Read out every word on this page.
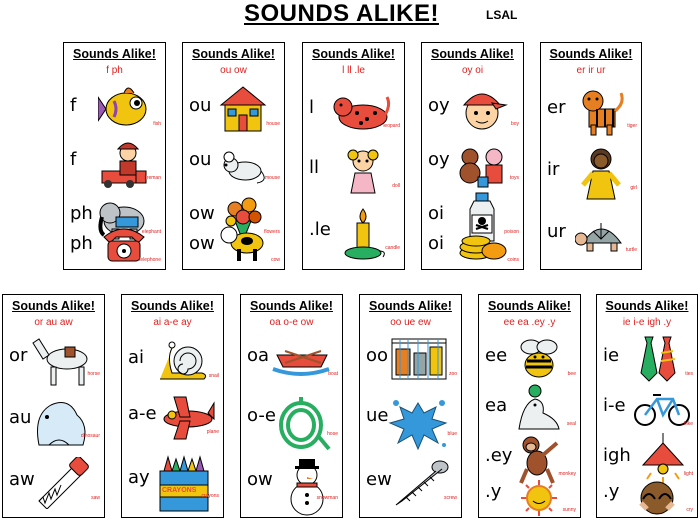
SOUNDS ALIKE!	LSAL
Sounds Alike!
f ph
f
fish
f
fireman
ph
elephant
ph
telephone
Sounds Alike!
ou ow
ou
house
ou
mouse
ow
flowers
ow
cow
Sounds Alike!
l ll .le
l
leopard
ll
doll
.le
candle
Sounds Alike!
oy oi
oy
boy
oy
toys
oi
poison
oi
coins
Sounds Alike!
er ir ur
er
tiger
ir
girl
ur
turtle
Sounds Alike!
or au aw
or
horse
au
dinosaur
aw
saw
Sounds Alike!
ai a-e ay
ai
snail
a-e
plane
ay
CRAYONS
crayons
Sounds Alike!
oa o-e ow
oa
boat
o-e
hose
ow
snowman
Sounds Alike!
oo ue ew
oo
zoo
ue
blue
ew
screw
Sounds Alike!
ee ea .ey .y
ee
bee
ea
seal
.ey
monkey
.y
sunny
Sounds Alike!
ie i-e igh .y
ie
ties
i-e
bike
igh
light
.y
cry
